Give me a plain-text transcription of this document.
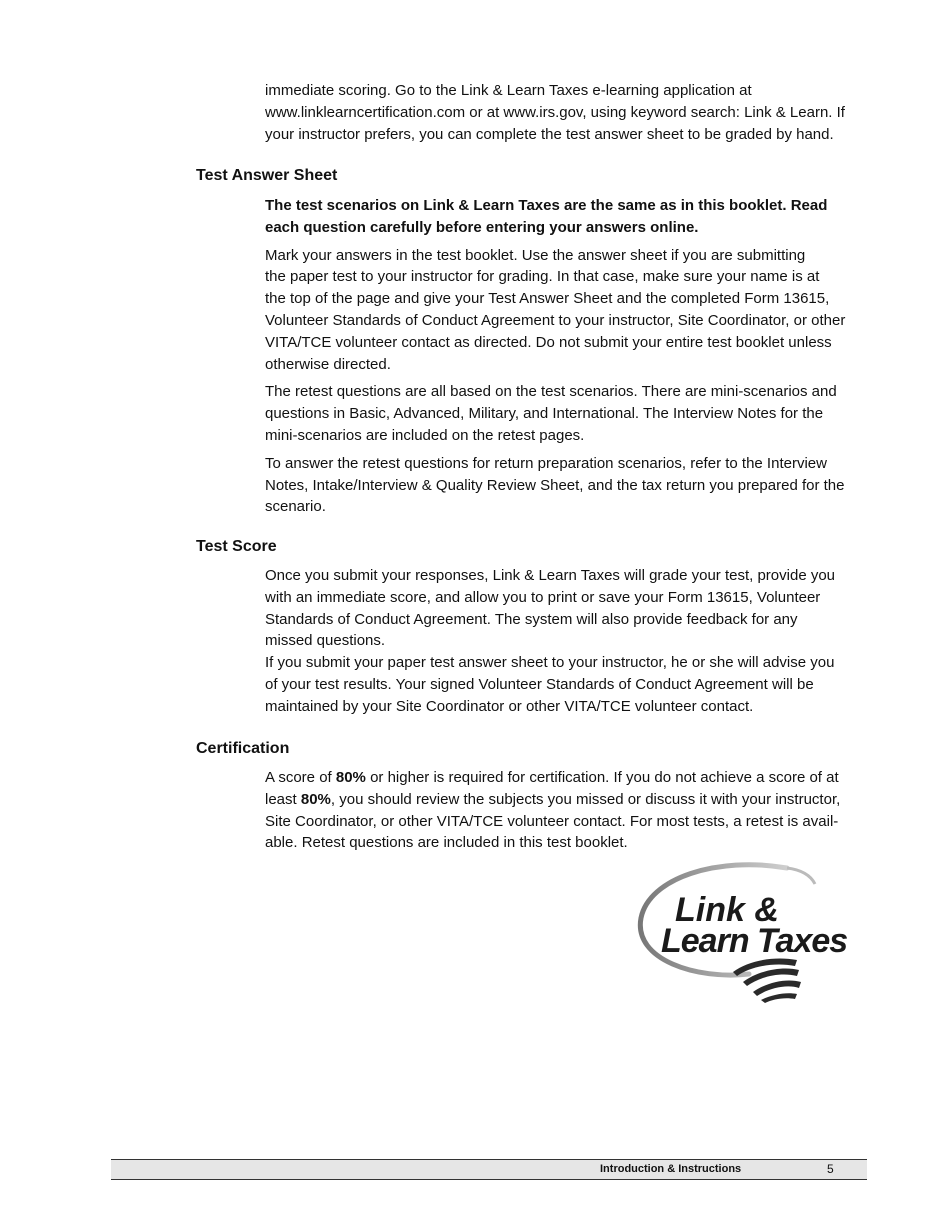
immediate scoring. Go to the Link & Learn Taxes e-learning application at

www.linklearncertification.com or at www.irs.gov, using keyword search: Link & Learn. If

your instructor prefers, you can complete the test answer sheet to be graded by hand.

Test Answer Sheet

The test scenarios on Link & Learn Taxes are the same as in this booklet. Read
each question carefully before entering your answers online.

Mark your answers in the test booklet. Use the answer sheet if you are submitting
the paper test to your instructor for grading. In that case, make sure your name is at
the top of the page and give your Test Answer Sheet and the completed Form 13615,
Volunteer Standards of Conduct Agreement to your instructor, Site Coordinator, or other
VITA/TCE volunteer contact as directed. Do not submit your entire test booklet unless
otherwise directed.

The retest questions are all based on the test scenarios. There are mini-scenarios and
questions in Basic, Advanced, Military, and International. The Interview Notes for the
mini-scenarios are included on the retest pages.

To answer the retest questions for return preparation scenarios, refer to the Interview
Notes, Intake/Interview & Quality Review Sheet, and the tax return you prepared for the
scenario.

Test Score

Once you submit your responses, Link & Learn Taxes will grade your test, provide you
with an immediate score, and allow you to print or save your Form 13615, Volunteer
Standards of Conduct Agreement. The system will also provide feedback for any
missed questions.
If you submit your paper test answer sheet to your instructor, he or she will advise you
of your test results. Your signed Volunteer Standards of Conduct Agreement will be
maintained by your Site Coordinator or other VITA/TCE volunteer contact.

Certification

A score of 80% or higher is required for certification. If you do not achieve a score of at
least 80%, you should review the subjects you missed or discuss it with your instructor,
Site Coordinator, or other VITA/TCE volunteer contact. For most tests, a retest is avail-
able. Retest questions are included in this test booklet.

Link &
Learn Taxes
Introduction & Instructions	5
